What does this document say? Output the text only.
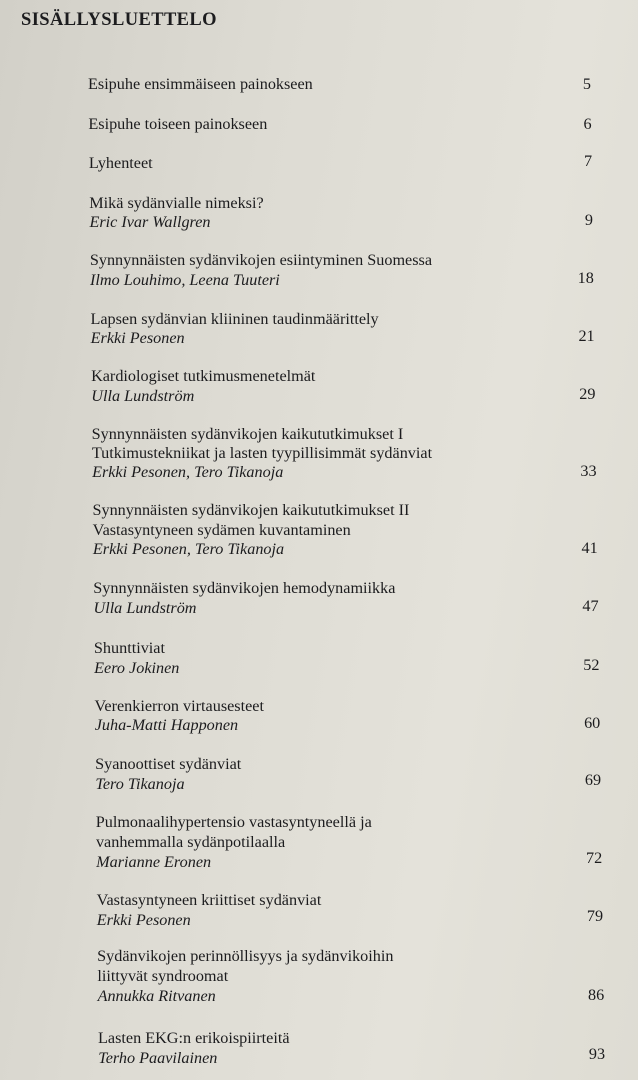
SISÄLLYSLUETTELO
Esipuhe ensimmäiseen painokseen	5
Esipuhe toiseen painokseen	6
Lyhenteet	7
Mikä sydänvialle nimeksi?
Eric Ivar Wallgren	9
Synnynnäisten sydänvikojen esiintyminen Suomessa
Ilmo Louhimo, Leena Tuuteri	18
Lapsen sydänvian kliininen taudinmäärittely
Erkki Pesonen	21
Kardiologiset tutkimusmenetelmät
Ulla Lundström	29
Synnynnäisten sydänvikojen kaikututkimukset I
Tutkimustekniikat ja lasten tyypillisimmät sydänviat
Erkki Pesonen, Tero Tikanoja	33
Synnynnäisten sydänvikojen kaikututkimukset II
Vastasyntyneen sydämen kuvantaminen
Erkki Pesonen, Tero Tikanoja	41
Synnynnäisten sydänvikojen hemodynamiikka
Ulla Lundström	47
Shunttiviat
Eero Jokinen	52
Verenkierron virtausesteet
Juha-Matti Happonen	60
Syanoottiset sydänviat
Tero Tikanoja	69
Pulmonaalihypertensio vastasyntyneellä ja
vanhemmalla sydänpotilaalla
Marianne Eronen	72
Vastasyntyneen kriittiset sydänviat
Erkki Pesonen	79
Sydänvikojen perinnöllisyys ja sydänvikoihin
liittyvät syndroomat
Annukka Ritvanen	86
Lasten EKG:n erikoispiirteitä
Terho Paavilainen	93
